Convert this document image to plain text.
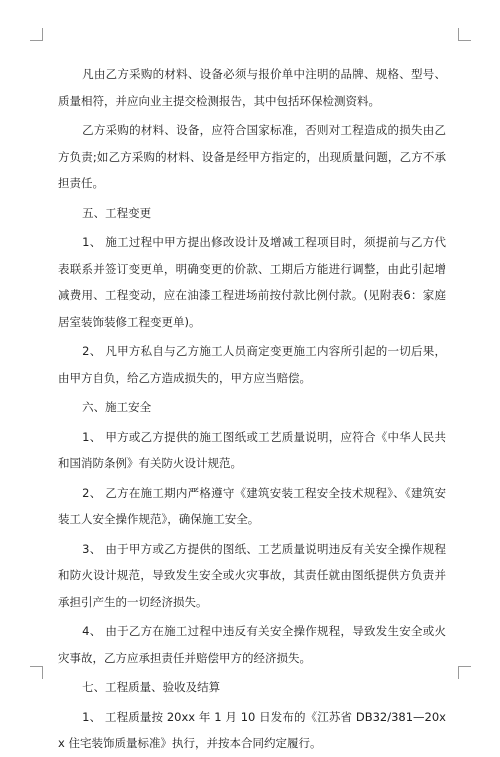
凡由乙方采购的材料、设备必须与报价单中注明的品牌、规格、型号、质量相符，并应向业主提交检测报告，其中包括环保检测资料。

乙方采购的材料、设备，应符合国家标准，否则对工程造成的损失由乙方负责;如乙方采购的材料、设备是经甲方指定的，出现质量问题，乙方不承担责任。

五、工程变更

1、 施工过程中甲方提出修改设计及增减工程项目时，须提前与乙方代表联系并签订变更单，明确变更的价款、工期后方能进行调整，由此引起增减费用、工程变动，应在油漆工程进场前按付款比例付款。(见附表6：家庭居室装饰装修工程变更单)。

2、 凡甲方私自与乙方施工人员商定变更施工内容所引起的一切后果，由甲方自负，给乙方造成损失的，甲方应当赔偿。

六、施工安全

1、 甲方或乙方提供的施工图纸或工艺质量说明，应符合《中华人民共和国消防条例》有关防火设计规范。

2、 乙方在施工期内严格遵守《建筑安装工程安全技术规程》、《建筑安装工人安全操作规范》，确保施工安全。

3、 由于甲方或乙方提供的图纸、工艺质量说明违反有关安全操作规程和防火设计规范，导致发生安全或火灾事故，其责任就由图纸提供方负责并承担引产生的一切经济损失。

4、 由于乙方在施工过程中违反有关安全操作规程，导致发生安全或火灾事故，乙方应承担责任并赔偿甲方的经济损失。

七、工程质量、验收及结算

1、 工程质量按 20xx 年 1 月 10 日发布的《江苏省 DB32/381—20xx 住宅装饰质量标准》执行，并按本合同约定履行。
